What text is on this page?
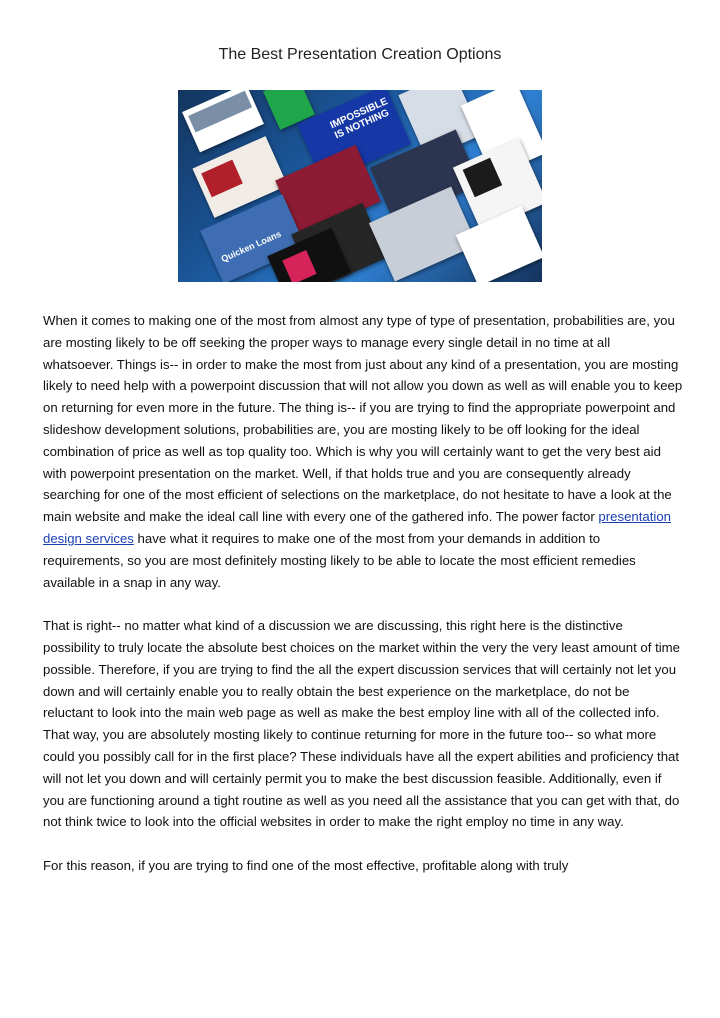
The Best Presentation Creation Options
IMPOSSIBLE IS NOTHING
Quicken Loans

When it comes to making one of the most from almost any type of type of presentation, probabilities are, you are mosting likely to be off seeking the proper ways to manage every single detail in no time at all whatsoever. Things is-- in order to make the most from just about any kind of a presentation, you are mosting likely to need help with a powerpoint discussion that will not allow you down as well as will enable you to keep on returning for even more in the future. The thing is-- if you are trying to find the appropriate powerpoint and slideshow development solutions, probabilities are, you are mosting likely to be off looking for the ideal combination of price as well as top quality too. Which is why you will certainly want to get the very best aid with powerpoint presentation on the market. Well, if that holds true and you are consequently already searching for one of the most efficient of selections on the marketplace, do not hesitate to have a look at the main website and make the ideal call line with every one of the gathered info. The power factor presentation design services have what it requires to make one of the most from your demands in addition to requirements, so you are most definitely mosting likely to be able to locate the most efficient remedies available in a snap in any way.

That is right-- no matter what kind of a discussion we are discussing, this right here is the distinctive possibility to truly locate the absolute best choices on the market within the very the very least amount of time possible. Therefore, if you are trying to find the all the expert discussion services that will certainly not let you down and will certainly enable you to really obtain the best experience on the marketplace, do not be reluctant to look into the main web page as well as make the best employ line with all of the collected info. That way, you are absolutely mosting likely to continue returning for more in the future too-- so what more could you possibly call for in the first place? These individuals have all the expert abilities and proficiency that will not let you down and will certainly permit you to make the best discussion feasible. Additionally, even if you are functioning around a tight routine as well as you need all the assistance that you can get with that, do not think twice to look into the official websites in order to make the right employ no time in any way.

For this reason, if you are trying to find one of the most effective, profitable along with truly
